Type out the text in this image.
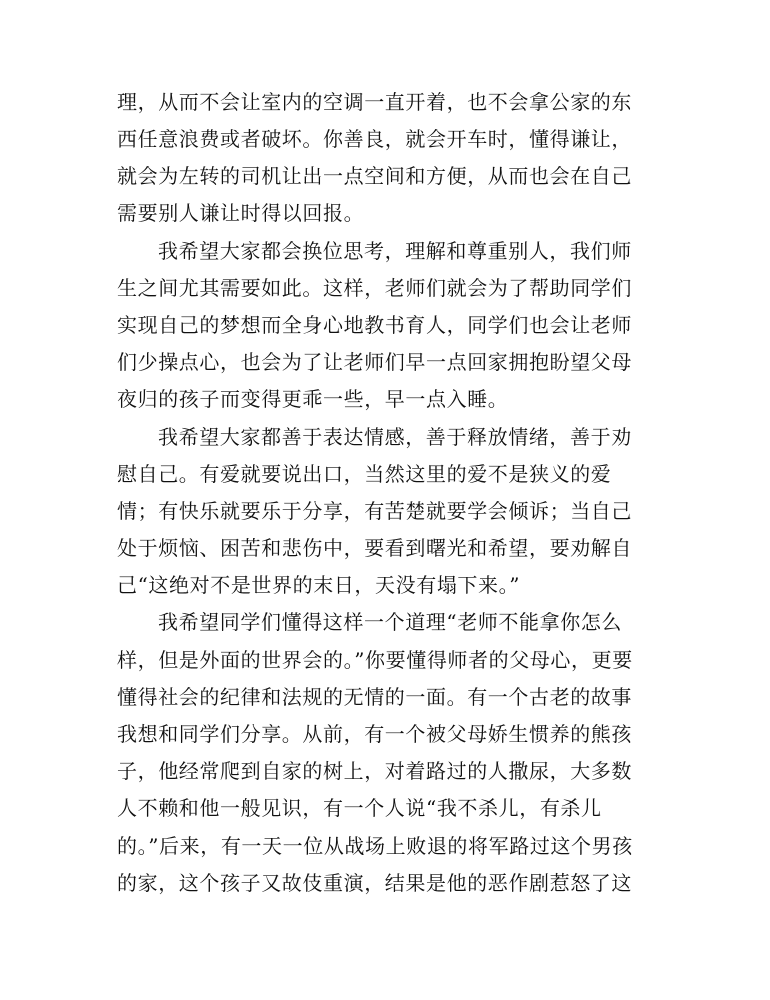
理，从而不会让室内的空调一直开着，也不会拿公家的东
西任意浪费或者破坏。你善良，就会开车时，懂得谦让，
就会为左转的司机让出一点空间和方便，从而也会在自己
需要别人谦让时得以回报。
我希望大家都会换位思考，理解和尊重别人，我们师
生之间尤其需要如此。这样，老师们就会为了帮助同学们
实现自己的梦想而全身心地教书育人，同学们也会让老师
们少操点心，也会为了让老师们早一点回家拥抱盼望父母
夜归的孩子而变得更乖一些，早一点入睡。
我希望大家都善于表达情感，善于释放情绪，善于劝
慰自己。有爱就要说出口，当然这里的爱不是狭义的爱
情；有快乐就要乐于分享，有苦楚就要学会倾诉；当自己
处于烦恼、困苦和悲伤中，要看到曙光和希望，要劝解自
己“这绝对不是世界的末日，天没有塌下来。”
我希望同学们懂得这样一个道理“老师不能拿你怎么
样，但是外面的世界会的。”你要懂得师者的父母心，更要
懂得社会的纪律和法规的无情的一面。有一个古老的故事
我想和同学们分享。从前，有一个被父母娇生惯养的熊孩
子，他经常爬到自家的树上，对着路过的人撒尿，大多数
人不赖和他一般见识，有一个人说“我不杀儿，有杀儿
的。”后来，有一天一位从战场上败退的将军路过这个男孩
的家，这个孩子又故伎重演，结果是他的恶作剧惹怒了这
